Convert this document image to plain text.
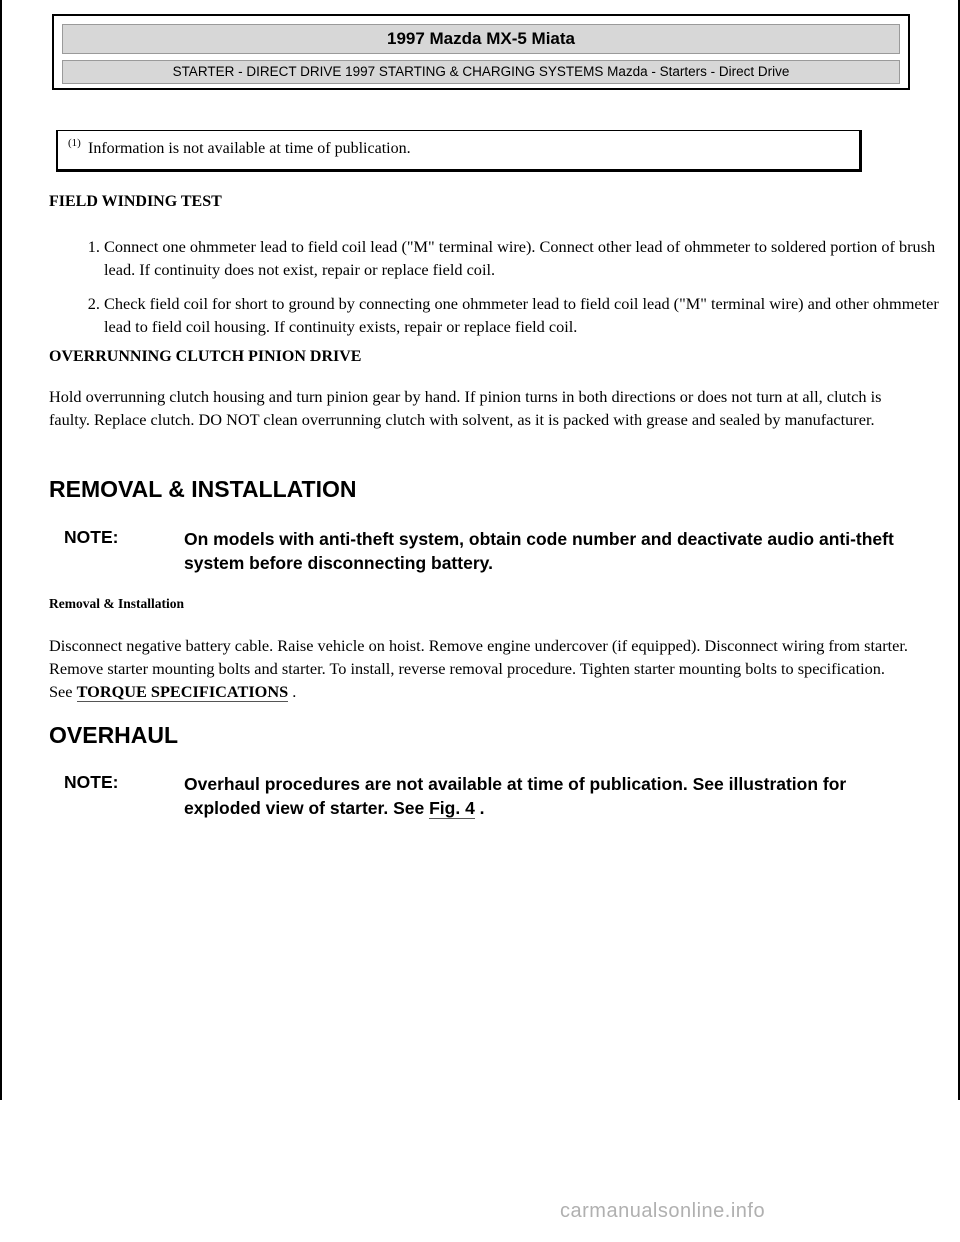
1997 Mazda MX-5 Miata
STARTER - DIRECT DRIVE 1997 STARTING & CHARGING SYSTEMS Mazda - Starters - Direct Drive
(1) Information is not available at time of publication.
FIELD WINDING TEST
1. Connect one ohmmeter lead to field coil lead ("M" terminal wire). Connect other lead of ohmmeter to soldered portion of brush lead. If continuity does not exist, repair or replace field coil.
2. Check field coil for short to ground by connecting one ohmmeter lead to field coil lead ("M" terminal wire) and other ohmmeter lead to field coil housing. If continuity exists, repair or replace field coil.
OVERRUNNING CLUTCH PINION DRIVE
Hold overrunning clutch housing and turn pinion gear by hand. If pinion turns in both directions or does not turn at all, clutch is faulty. Replace clutch. DO NOT clean overrunning clutch with solvent, as it is packed with grease and sealed by manufacturer.
REMOVAL & INSTALLATION
NOTE:	On models with anti-theft system, obtain code number and deactivate audio anti-theft system before disconnecting battery.
Removal & Installation
Disconnect negative battery cable. Raise vehicle on hoist. Remove engine undercover (if equipped). Disconnect wiring from starter. Remove starter mounting bolts and starter. To install, reverse removal procedure. Tighten starter mounting bolts to specification. See TORQUE SPECIFICATIONS .
OVERHAUL
NOTE:	Overhaul procedures are not available at time of publication. See illustration for exploded view of starter. See Fig. 4 .
carmanualsonline.info
